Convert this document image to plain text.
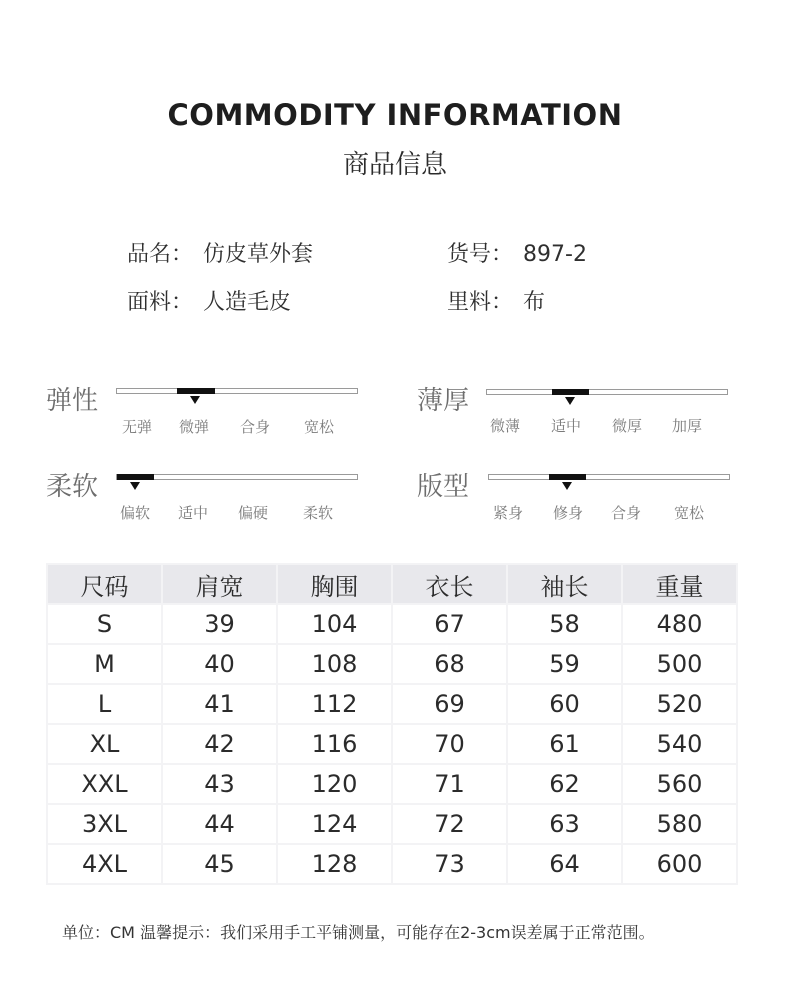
COMMODITY INFORMATION
商品信息
品名： 仿皮草外套	货号： 897-2
面料： 人造毛皮	里料： 布
弹性
无弹 微弹 合身 宽松
薄厚
微薄 适中 微厚 加厚
柔软
偏软 适中 偏硬 柔软
版型
紧身 修身 合身 宽松
尺码	肩宽	胸围	衣长	袖长	重量
S	39	104	67	58	480
M	40	108	68	59	500
L	41	112	69	60	520
XL	42	116	70	61	540
XXL	43	120	71	62	560
3XL	44	124	72	63	580
4XL	45	128	73	64	600
单位：CM 温馨提示：我们采用手工平铺测量，可能存在2-3cm误差属于正常范围。
